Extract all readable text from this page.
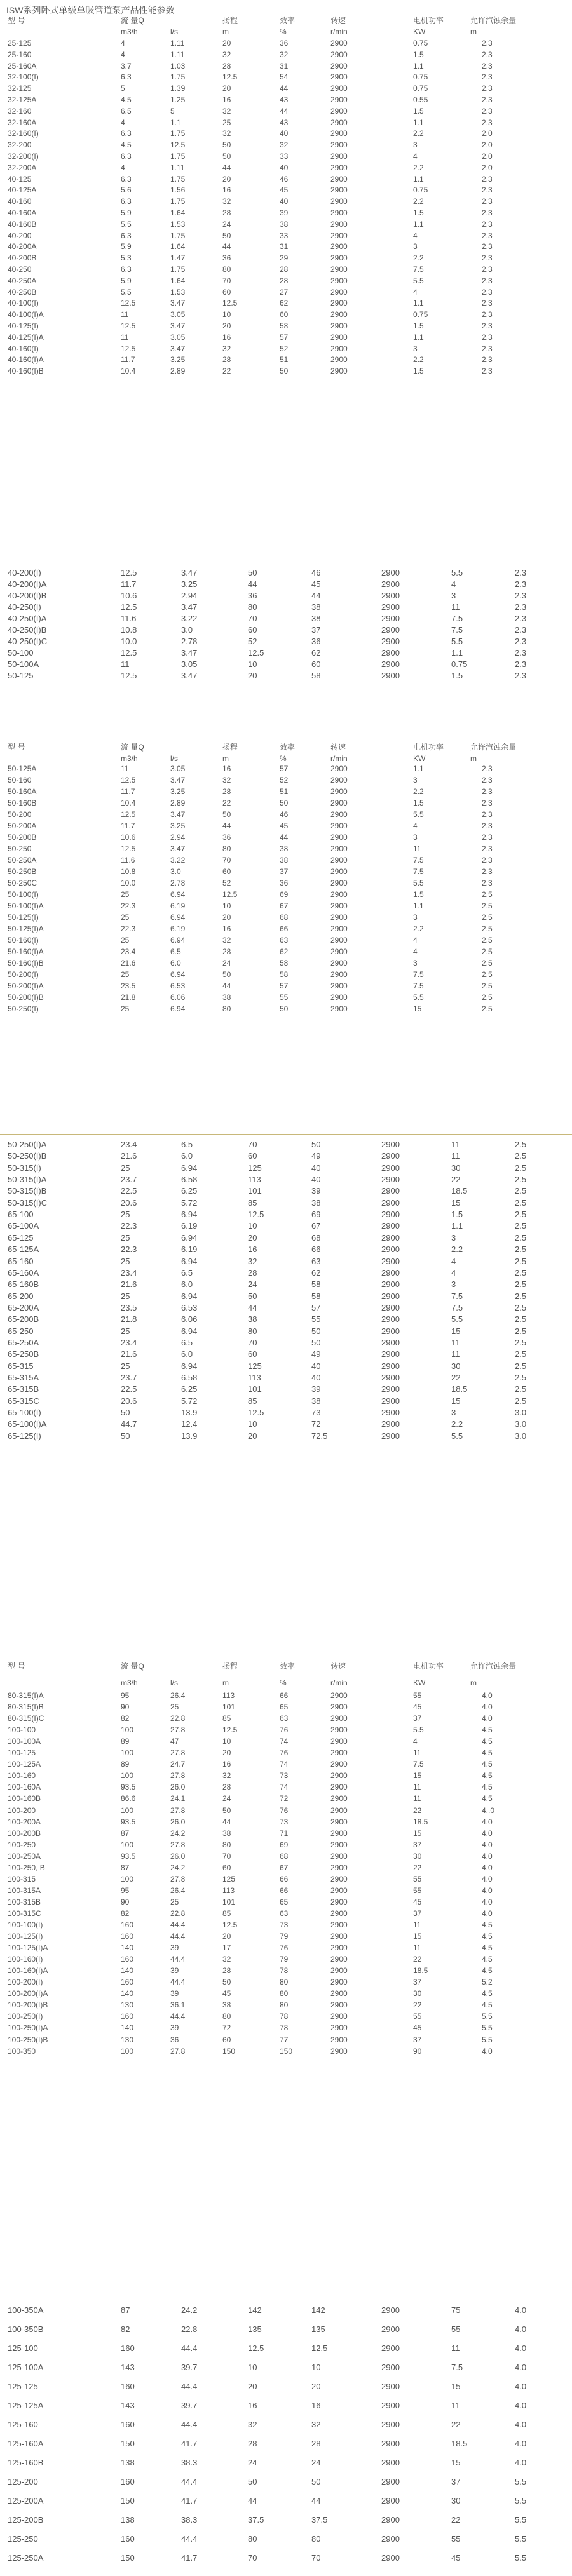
ISW系列卧式单级单吸管道泵产品性能参数
型 号	流 量Q	扬程	效率	转速	电机功率	允许汽蚀余量
m3/h	l/s	m	%	r/min	KW	m
25-125	4	1.11	20	36	2900	0.75	2.3
25-160	4	1.11	32	32	2900	1.5	2.3
25-160A	3.7	1.03	28	31	2900	1.1	2.3
32-100(I)	6.3	1.75	12.5	54	2900	0.75	2.3
32-125	5	1.39	20	44	2900	0.75	2.3
32-125A	4.5	1.25	16	43	2900	0.55	2.3
32-160	6.5	5	32	44	2900	1.5	2.3
32-160A	4	1.1	25	43	2900	1.1	2.3
32-160(I)	6.3	1.75	32	40	2900	2.2	2.0
32-200	4.5	12.5	50	32	2900	3	2.0
32-200(I)	6.3	1.75	50	33	2900	4	2.0
32-200A	4	1.11	44	40	2900	2.2	2.0
40-125	6.3	1.75	20	46	2900	1.1	2.3
40-125A	5.6	1.56	16	45	2900	0.75	2.3
40-160	6.3	1.75	32	40	2900	2.2	2.3
40-160A	5.9	1.64	28	39	2900	1.5	2.3
40-160B	5.5	1.53	24	38	2900	1.1	2.3
40-200	6.3	1.75	50	33	2900	4	2.3
40-200A	5.9	1.64	44	31	2900	3	2.3
40-200B	5.3	1.47	36	29	2900	2.2	2.3
40-250	6.3	1.75	80	28	2900	7.5	2.3
40-250A	5.9	1.64	70	28	2900	5.5	2.3
40-250B	5.5	1.53	60	27	2900	4	2.3
40-100(I)	12.5	3.47	12.5	62	2900	1.1	2.3
40-100(I)A	11	3.05	10	60	2900	0.75	2.3
40-125(I)	12.5	3.47	20	58	2900	1.5	2.3
40-125(I)A	11	3.05	16	57	2900	1.1	2.3
40-160(I)	12.5	3.47	32	52	2900	3	2.3
40-160(I)A	11.7	3.25	28	51	2900	2.2	2.3
40-160(I)B	10.4	2.89	22	50	2900	1.5	2.3
40-200(I)	12.5	3.47	50	46	2900	5.5	2.3
40-200(I)A	11.7	3.25	44	45	2900	4	2.3
40-200(I)B	10.6	2.94	36	44	2900	3	2.3
40-250(I)	12.5	3.47	80	38	2900	11	2.3
40-250(I)A	11.6	3.22	70	38	2900	7.5	2.3
40-250(I)B	10.8	3.0	60	37	2900	7.5	2.3
40-250(I)C	10.0	2.78	52	36	2900	5.5	2.3
50-100	12.5	3.47	12.5	62	2900	1.1	2.3
50-100A	11	3.05	10	60	2900	0.75	2.3
50-125	12.5	3.47	20	58	2900	1.5	2.3
型 号	流 量Q	扬程	效率	转速	电机功率	允许汽蚀余量
m3/h	l/s	m	%	r/min	KW	m
50-125A	11	3.05	16	57	2900	1.1	2.3
50-160	12.5	3.47	32	52	2900	3	2.3
50-160A	11.7	3.25	28	51	2900	2.2	2.3
50-160B	10.4	2.89	22	50	2900	1.5	2.3
50-200	12.5	3.47	50	46	2900	5.5	2.3
50-200A	11.7	3.25	44	45	2900	4	2.3
50-200B	10.6	2.94	36	44	2900	3	2.3
50-250	12.5	3.47	80	38	2900	11	2.3
50-250A	11.6	3.22	70	38	2900	7.5	2.3
50-250B	10.8	3.0	60	37	2900	7.5	2.3
50-250C	10.0	2.78	52	36	2900	5.5	2.3
50-100(I)	25	6.94	12.5	69	2900	1.5	2.5
50-100(I)A	22.3	6.19	10	67	2900	1.1	2.5
50-125(I)	25	6.94	20	68	2900	3	2.5
50-125(I)A	22.3	6.19	16	66	2900	2.2	2.5
50-160(I)	25	6.94	32	63	2900	4	2.5
50-160(I)A	23.4	6.5	28	62	2900	4	2.5
50-160(I)B	21.6	6.0	24	58	2900	3	2.5
50-200(I)	25	6.94	50	58	2900	7.5	2.5
50-200(I)A	23.5	6.53	44	57	2900	7.5	2.5
50-200(I)B	21.8	6.06	38	55	2900	5.5	2.5
50-250(I)	25	6.94	80	50	2900	15	2.5
50-250(I)A	23.4	6.5	70	50	2900	11	2.5
50-250(I)B	21.6	6.0	60	49	2900	11	2.5
50-315(I)	25	6.94	125	40	2900	30	2.5
50-315(I)A	23.7	6.58	113	40	2900	22	2.5
50-315(I)B	22.5	6.25	101	39	2900	18.5	2.5
50-315(I)C	20.6	5.72	85	38	2900	15	2.5
65-100	25	6.94	12.5	69	2900	1.5	2.5
65-100A	22.3	6.19	10	67	2900	1.1	2.5
65-125	25	6.94	20	68	2900	3	2.5
65-125A	22.3	6.19	16	66	2900	2.2	2.5
65-160	25	6.94	32	63	2900	4	2.5
65-160A	23.4	6.5	28	62	2900	4	2.5
65-160B	21.6	6.0	24	58	2900	3	2.5
65-200	25	6.94	50	58	2900	7.5	2.5
65-200A	23.5	6.53	44	57	2900	7.5	2.5
65-200B	21.8	6.06	38	55	2900	5.5	2.5
65-250	25	6.94	80	50	2900	15	2.5
65-250A	23.4	6.5	70	50	2900	11	2.5
65-250B	21.6	6.0	60	49	2900	11	2.5
65-315	25	6.94	125	40	2900	30	2.5
65-315A	23.7	6.58	113	40	2900	22	2.5
65-315B	22.5	6.25	101	39	2900	18.5	2.5
65-315C	20.6	5.72	85	38	2900	15	2.5
65-100(I)	50	13.9	12.5	73	2900	3	3.0
65-100(I)A	44.7	12.4	10	72	2900	2.2	3.0
65-125(I)	50	13.9	20	72.5	2900	5.5	3.0
型 号	流 量Q	扬程	效率	转速	电机功率	允许汽蚀余量
m3/h	l/s	m	%	r/min	KW	m
80-315(I)A	95	26.4	113	66	2900	55	4.0
80-315(I)B	90	25	101	65	2900	45	4.0
80-315(I)C	82	22.8	85	63	2900	37	4.0
100-100	100	27.8	12.5	76	2900	5.5	4.5
100-100A	89	47	10	74	2900	4	4.5
100-125	100	27.8	20	76	2900	11	4.5
100-125A	89	24.7	16	74	2900	7.5	4.5
100-160	100	27.8	32	73	2900	15	4.5
100-160A	93.5	26.0	28	74	2900	11	4.5
100-160B	86.6	24.1	24	72	2900	11	4.5
100-200	100	27.8	50	76	2900	22	4,.0
100-200A	93.5	26.0	44	73	2900	18.5	4.0
100-200B	87	24.2	38	71	2900	15	4.0
100-250	100	27.8	80	69	2900	37	4.0
100-250A	93.5	26.0	70	68	2900	30	4.0
100-250, B	87	24.2	60	67	2900	22	4.0
100-315	100	27.8	125	66	2900	55	4.0
100-315A	95	26.4	113	66	2900	55	4.0
100-315B	90	25	101	65	2900	45	4.0
100-315C	82	22.8	85	63	2900	37	4.0
100-100(I)	160	44.4	12.5	73	2900	11	4.5
100-125(I)	160	44.4	20	79	2900	15	4.5
100-125(I)A	140	39	17	76	2900	11	4.5
100-160(I)	160	44.4	32	79	2900	22	4.5
100-160(I)A	140	39	28	78	2900	18.5	4.5
100-200(I)	160	44.4	50	80	2900	37	5.2
100-200(I)A	140	39	45	80	2900	30	4.5
100-200(I)B	130	36.1	38	80	2900	22	4.5
100-250(I)	160	44.4	80	78	2900	55	5.5
100-250(I)A	140	39	72	78	2900	45	5.5
100-250(I)B	130	36	60	77	2900	37	5.5
100-350	100	27.8	150	150	2900	90	4.0
100-350A	87	24.2	142	142	2900	75	4.0
100-350B	82	22.8	135	135	2900	55	4.0
125-100	160	44.4	12.5	12.5	2900	11	4.0
125-100A	143	39.7	10	10	2900	7.5	4.0
125-125	160	44.4	20	20	2900	15	4.0
125-125A	143	39.7	16	16	2900	11	4.0
125-160	160	44.4	32	32	2900	22	4.0
125-160A	150	41.7	28	28	2900	18.5	4.0
125-160B	138	38.3	24	24	2900	15	4.0
125-200	160	44.4	50	50	2900	37	5.5
125-200A	150	41.7	44	44	2900	30	5.5
125-200B	138	38.3	37.5	37.5	2900	22	5.5
125-250	160	44.4	80	80	2900	55	5.5
125-250A	150	41.7	70	70	2900	45	5.5
